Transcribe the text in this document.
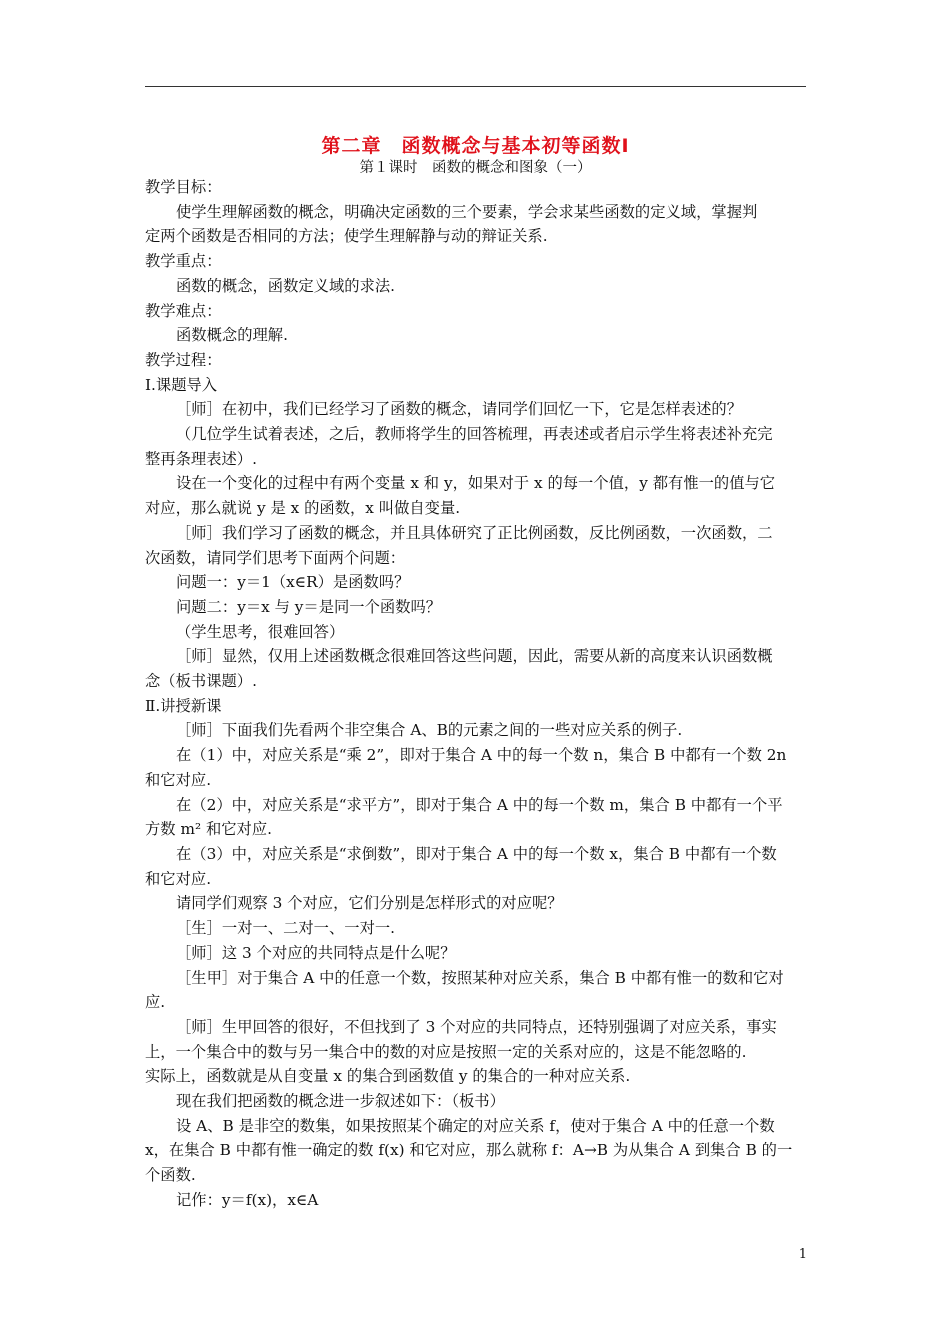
第二章　函数概念与基本初等函数Ⅰ
第１课时　函数的概念和图象（一）

教学目标：

使学生理解函数的概念，明确决定函数的三个要素，学会求某些函数的定义域，掌握判

定两个函数是否相同的方法；使学生理解静与动的辩证关系.

教学重点：

函数的概念，函数定义域的求法.

教学难点：

函数概念的理解.

教学过程：

Ⅰ.课题导入

［师］在初中，我们已经学习了函数的概念，请同学们回忆一下，它是怎样表述的？

（几位学生试着表述，之后，教师将学生的回答梳理，再表述或者启示学生将表述补充完

整再条理表述）.

设在一个变化的过程中有两个变量 x 和 y，如果对于 x 的每一个值，y 都有惟一的值与它

对应，那么就说 y 是 x 的函数，x 叫做自变量.

［师］我们学习了函数的概念，并且具体研究了正比例函数，反比例函数，一次函数，二

次函数，请同学们思考下面两个问题：

问题一：y＝1（x∈R）是函数吗？

问题二：y＝x 与 y＝是同一个函数吗？

（学生思考，很难回答）

［师］显然，仅用上述函数概念很难回答这些问题，因此，需要从新的高度来认识函数概

念（板书课题）.

Ⅱ.讲授新课

［师］下面我们先看两个非空集合 A、B的元素之间的一些对应关系的例子.

在（1）中，对应关系是“乘 2”，即对于集合 A 中的每一个数 n，集合 B 中都有一个数 2n

和它对应.

在（2）中，对应关系是“求平方”，即对于集合 A 中的每一个数 m，集合 B 中都有一个平

方数 m² 和它对应.

在（3）中，对应关系是“求倒数”，即对于集合 A 中的每一个数 x，集合 B 中都有一个数

和它对应.

请同学们观察 3 个对应，它们分别是怎样形式的对应呢？

［生］一对一、二对一、一对一.

［师］这 3 个对应的共同特点是什么呢？

［生甲］对于集合 A 中的任意一个数，按照某种对应关系，集合 B 中都有惟一的数和它对

应.

［师］生甲回答的很好，不但找到了 3 个对应的共同特点，还特别强调了对应关系，事实

上，一个集合中的数与另一集合中的数的对应是按照一定的关系对应的，这是不能忽略的.

实际上，函数就是从自变量 x 的集合到函数值 y 的集合的一种对应关系.

现在我们把函数的概念进一步叙述如下：（板书）

设 A、B 是非空的数集，如果按照某个确定的对应关系 f，使对于集合 A 中的任意一个数

x，在集合 B 中都有惟一确定的数 f(x) 和它对应，那么就称 f：A→B 为从集合 A 到集合 B 的一

个函数.

记作：y＝f(x)，x∈A

1
